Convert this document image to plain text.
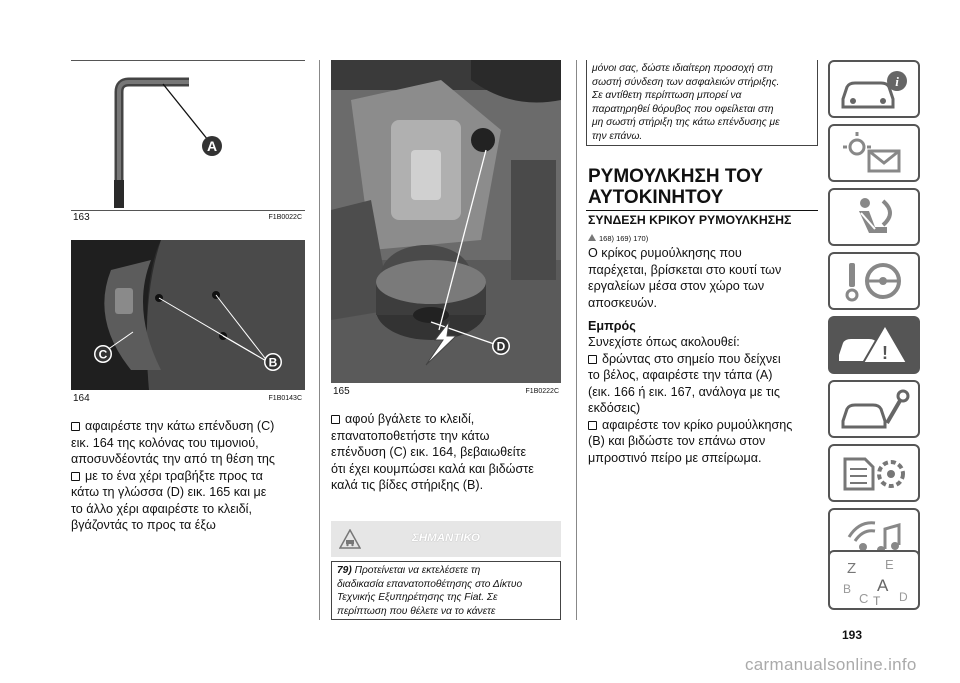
A
163	F1B0022C
C
B
164	F1B0143C

αφαιρέστε την κάτω επένδυση (C)

εικ. 164 της κολόνας του τιμονιού,

αποσυνδέοντάς την από τη θέση της

με το ένα χέρι τραβήξτε προς τα

κάτω τη γλώσσα (D) εικ. 165 και με

το άλλο χέρι αφαιρέστε το κλειδί,

βγάζοντάς το προς τα έξω

D
165	F1B0222C

αφού βγάλετε το κλειδί,

επανατοποθετήστε την κάτω

επένδυση (C) εικ. 164, βεβαιωθείτε

ότι έχει κουμπώσει καλά και βιδώστε

καλά τις βίδες στήριξης (B).

ΣΗΜΑΝΤΙΚΟ
79) Προτείνεται να εκτελέσετε τη
διαδικασία επανατοποθέτησης στο Δίκτυο
Τεχνικής Εξυπηρέτησης της Fiat. Σε
περίπτωση που θέλετε να το κάνετε
μόνοι σας, δώστε ιδιαίτερη προσοχή στη
σωστή σύνδεση των ασφαλειών στήριξης.
Σε αντίθετη περίπτωση μπορεί να
παρατηρηθεί θόρυβος που οφείλεται στη
μη σωστή στήριξη της κάτω επένδυσης με
την επάνω.
ΡΥΜΟΥΛΚΗΣΗ ΤΟΥ
ΑΥΤΟΚΙΝΗΤΟΥ
ΣΥΝΔΕΣΗ ΚΡΙΚΟΥ ΡΥΜΟΥΛΚΗΣΗΣ
168) 169) 170)

Ο κρίκος ρυμούλκησης που

παρέχεται, βρίσκεται στο κουτί των

εργαλείων μέσα στον χώρο των

αποσκευών.

Εμπρός

Συνεχίστε όπως ακολουθεί:

δρώντας στο σημείο που δείχνει

το βέλος, αφαιρέστε την τάπα (A)

(εικ. 166 ή εικ. 167, ανάλογα με τις

εκδόσεις)

αφαιρέστε τον κρίκο ρυμούλκησης

(B) και βιδώστε τον επάνω στον

μπροστινό πείρο με σπείρωμα.

i
!
Z E
B A
C T D
193
carmanualsonline.info
